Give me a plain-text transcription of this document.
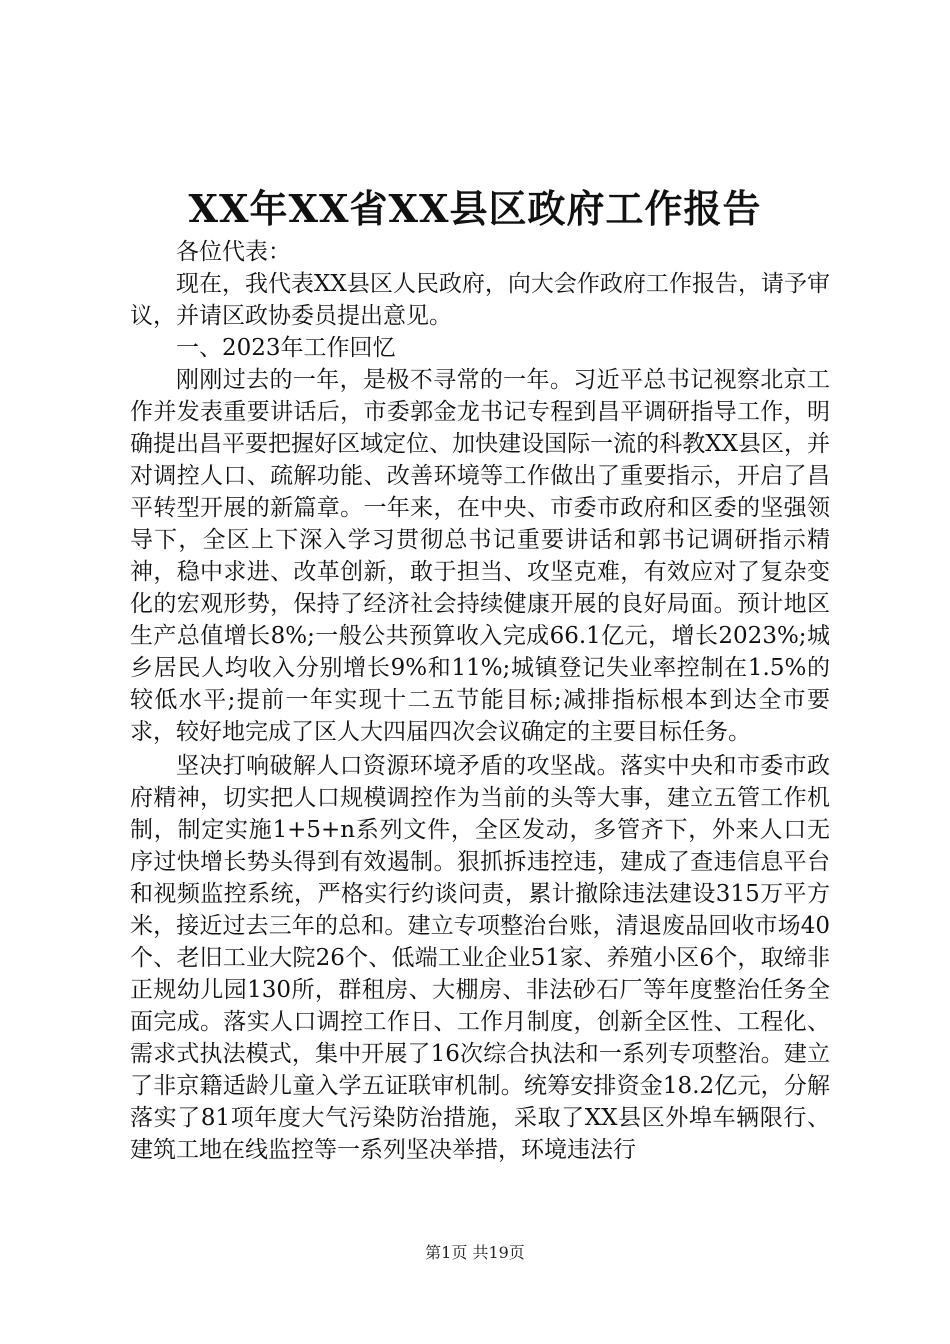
XX年XX省XX县区政府工作报告

各位代表：

现在，我代表XX县区人民政府，向大会作政府工作报告，请予审议，并请区政协委员提出意见。

一、2023年工作回忆

刚刚过去的一年，是极不寻常的一年。习近平总书记视察北京工作并发表重要讲话后，市委郭金龙书记专程到昌平调研指导工作，明确提出昌平要把握好区域定位、加快建设国际一流的科教XX县区，并对调控人口、疏解功能、改善环境等工作做出了重要指示，开启了昌平转型开展的新篇章。一年来，在中央、市委市政府和区委的坚强领导下，全区上下深入学习贯彻总书记重要讲话和郭书记调研指示精神，稳中求进、改革创新，敢于担当、攻坚克难，有效应对了复杂变化的宏观形势，保持了经济社会持续健康开展的良好局面。预计地区生产总值增长8%;一般公共预算收入完成66.1亿元，增长2023%;城乡居民人均收入分别增长9%和11%;城镇登记失业率控制在1.5%的较低水平;提前一年实现十二五节能目标;减排指标根本到达全市要求，较好地完成了区人大四届四次会议确定的主要目标任务。

坚决打响破解人口资源环境矛盾的攻坚战。落实中央和市委市政府精神，切实把人口规模调控作为当前的头等大事，建立五管工作机制，制定实施1+5+n系列文件，全区发动，多管齐下，外来人口无序过快增长势头得到有效遏制。狠抓拆违控违，建成了查违信息平台和视频监控系统，严格实行约谈问责，累计撤除违法建设315万平方米，接近过去三年的总和。建立专项整治台账，清退废品回收市场40个、老旧工业大院26个、低端工业企业51家、养殖小区6个，取缔非正规幼儿园130所，群租房、大棚房、非法砂石厂等年度整治任务全面完成。落实人口调控工作日、工作月制度，创新全区性、工程化、需求式执法模式，集中开展了16次综合执法和一系列专项整治。建立了非京籍适龄儿童入学五证联审机制。统筹安排资金18.2亿元，分解落实了81项年度大气污染防治措施，采取了XX县区外埠车辆限行、建筑工地在线监控等一系列坚决举措，环境违法行

第1页 共19页
